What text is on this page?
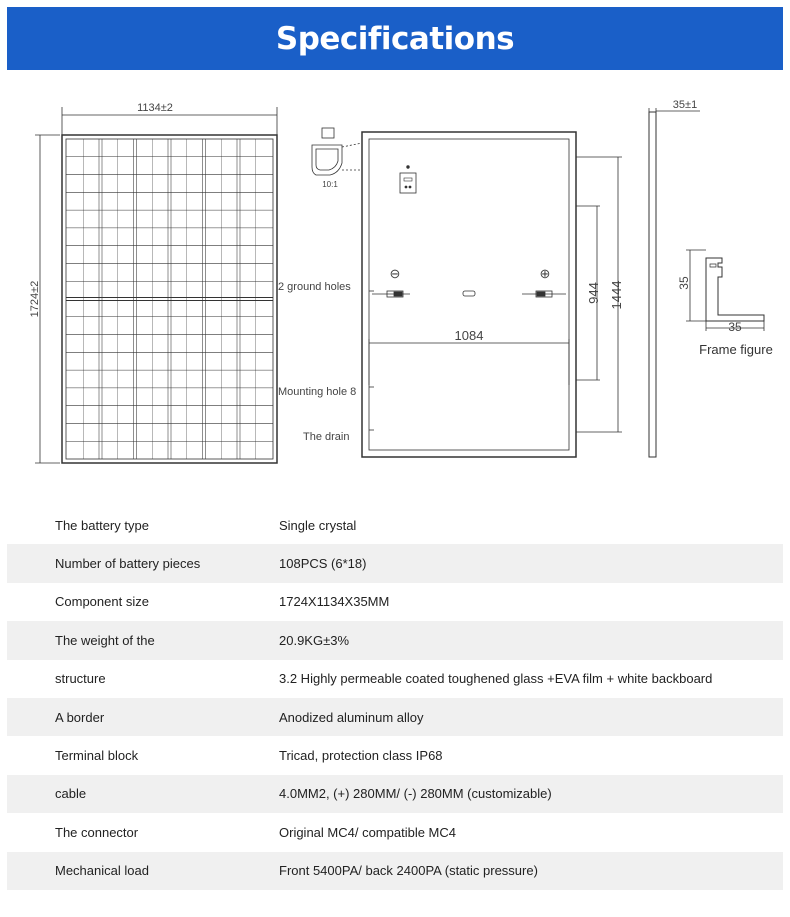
Specifications
1134±2
1724±2
10:1
⊖	⊕
1084
944 1444
2 ground holes
Mounting hole 8
The drain
35±1
35
35
Frame figure
The battery type	Single crystal
Number of battery pieces	108PCS (6*18)
Component size	1724X1134X35MM
The weight of the	20.9KG±3%
structure	3.2 Highly permeable coated toughened glass +EVA film + white backboard
A border	Anodized aluminum alloy
Terminal block	Tricad, protection class IP68
cable	4.0MM2, (+) 280MM/ (-) 280MM (customizable)
The connector	Original MC4/ compatible MC4
Mechanical load	Front 5400PA/ back 2400PA (static pressure)
